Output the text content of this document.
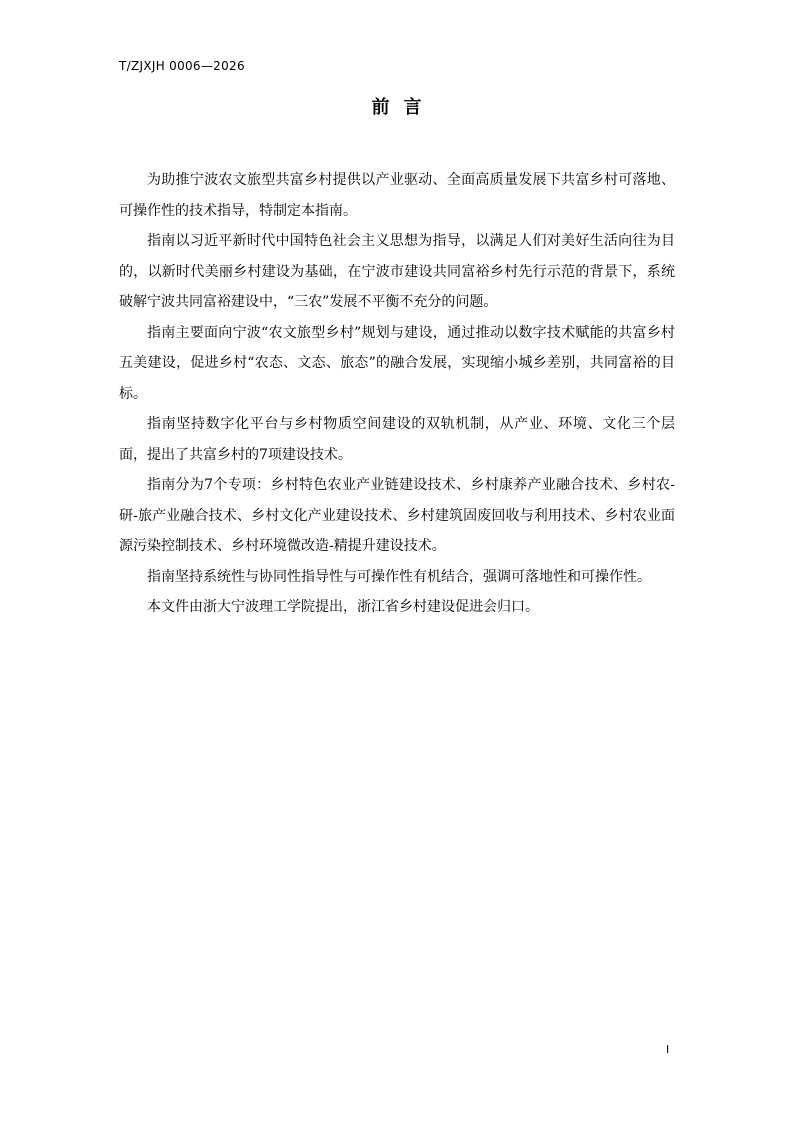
T/ZJXJH 0006—2026
前言

为助推宁波农文旅型共富乡村提供以产业驱动、全面高质量发展下共富乡村可落地、可操作性的技术指导，特制定本指南。

指南以习近平新时代中国特色社会主义思想为指导，以满足人们对美好生活向往为目的，以新时代美丽乡村建设为基础，在宁波市建设共同富裕乡村先行示范的背景下，系统破解宁波共同富裕建设中，“三农”发展不平衡不充分的问题。

指南主要面向宁波“农文旅型乡村”规划与建设，通过推动以数字技术赋能的共富乡村五美建设，促进乡村“农态、文态、旅态”的融合发展，实现缩小城乡差别，共同富裕的目标。

指南坚持数字化平台与乡村物质空间建设的双轨机制，从产业、环境、文化三个层面，提出了共富乡村的7项建设技术。

指南分为7个专项：乡村特色农业产业链建设技术、乡村康养产业融合技术、乡村农-研-旅产业融合技术、乡村文化产业建设技术、乡村建筑固废回收与利用技术、乡村农业面源污染控制技术、乡村环境微改造-精提升建设技术。

指南坚持系统性与协同性指导性与可操作性有机结合，强调可落地性和可操作性。

本文件由浙大宁波理工学院提出，浙江省乡村建设促进会归口。

I
